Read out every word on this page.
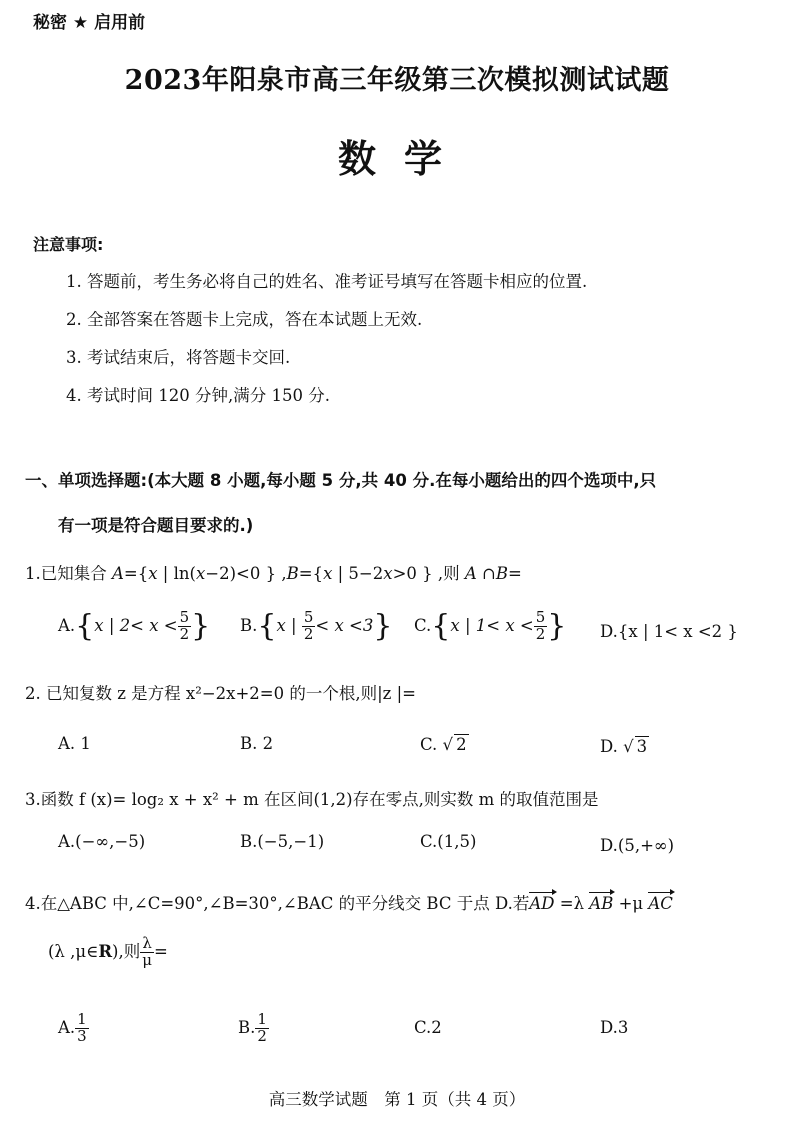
秘密 ★ 启用前
2023年阳泉市高三年级第三次模拟测试试题
数学
注意事项:
1. 答题前，考生务必将自己的姓名、准考证号填写在答题卡相应的位置.
2. 全部答案在答题卡上完成，答在本试题上无效.
3. 考试结束后，将答题卡交回.
4. 考试时间 120 分钟,满分 150 分.
一、单项选择题:(本大题 8 小题,每小题 5 分,共 40 分.在每小题给出的四个选项中,只
有一项是符合题目要求的.)
1.已知集合 A={x | ln(x−2)<0 } ,B={x | 5−2x>0 } ,则 A ∩B=
A.{x | $2< x < \frac{5}{2}$ } B.{x | $\frac{5}{2} < x <3$} C.{x | $1< x < \frac{5}{2}$ } D.{x | 1< x <2 }
2. 已知复数 z 是方程 x²−2x+2=0 的一个根,则|z |=
A. 1	B. 2	C. √ 2	D. √ 3
3.函数 f (x)= log₂ x + x² + m 在区间(1,2)存在零点,则实数 m 的取值范围是
A.(−∞,−5)	B.(−5,−1)	C.(1,5)	D.(5,+∞)
4.在△ABC 中,∠C=90°,∠B=30°,∠BAC 的平分线交 BC 于点 D.若AD =λ AB +μ AC
(λ ,μ∈R),则 $\frac{\lambda}{\mu}$ =
A. $\frac{1}{3}$	B. $\frac{1}{2}$	C.2	D.3
高三数学试题　第 1 页（共 4 页）
